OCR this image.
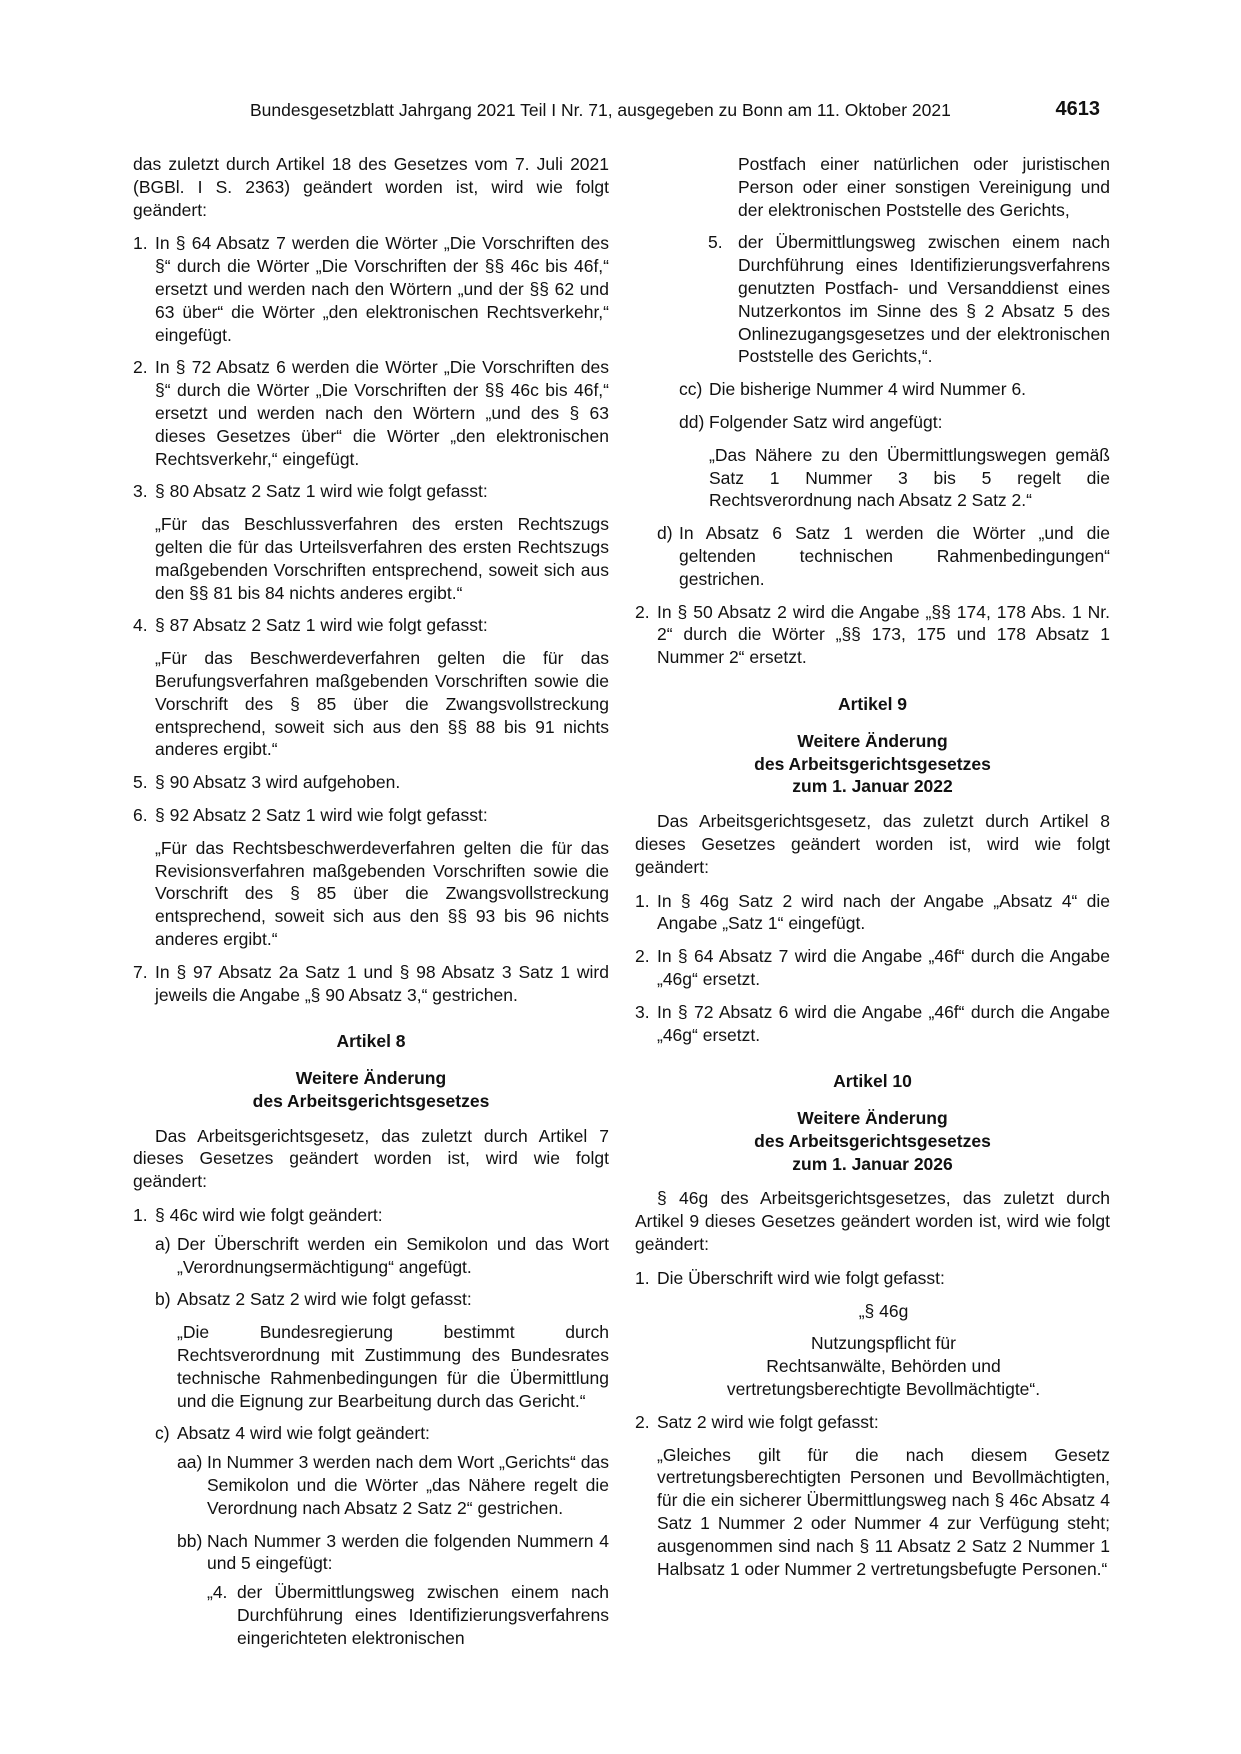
Bundesgesetzblatt Jahrgang 2021 Teil I Nr. 71, ausgegeben zu Bonn am 11. Oktober 2021	4613

das zuletzt durch Artikel 18 des Gesetzes vom 7. Juli 2021 (BGBl. I S. 2363) geändert worden ist, wird wie folgt geändert:

1. In § 64 Absatz 7 werden die Wörter „Die Vorschriften des §“ durch die Wörter „Die Vorschriften der §§ 46c bis 46f,“ ersetzt und werden nach den Wörtern „und der §§ 62 und 63 über“ die Wörter „den elektronischen Rechtsverkehr,“ eingefügt.
2. In § 72 Absatz 6 werden die Wörter „Die Vorschriften des §“ durch die Wörter „Die Vorschriften der §§ 46c bis 46f,“ ersetzt und werden nach den Wörtern „und des § 63 dieses Gesetzes über“ die Wörter „den elektronischen Rechtsverkehr,“ eingefügt.
3. § 80 Absatz 2 Satz 1 wird wie folgt gefasst:
„Für das Beschlussverfahren des ersten Rechtszugs gelten die für das Urteilsverfahren des ersten Rechtszugs maßgebenden Vorschriften entsprechend, soweit sich aus den §§ 81 bis 84 nichts anderes ergibt.“
4. § 87 Absatz 2 Satz 1 wird wie folgt gefasst:
„Für das Beschwerdeverfahren gelten die für das Berufungsverfahren maßgebenden Vorschriften sowie die Vorschrift des § 85 über die Zwangsvollstreckung entsprechend, soweit sich aus den §§ 88 bis 91 nichts anderes ergibt.“
5. § 90 Absatz 3 wird aufgehoben.
6. § 92 Absatz 2 Satz 1 wird wie folgt gefasst:
„Für das Rechtsbeschwerdeverfahren gelten die für das Revisionsverfahren maßgebenden Vorschriften sowie die Vorschrift des § 85 über die Zwangsvollstreckung entsprechend, soweit sich aus den §§ 93 bis 96 nichts anderes ergibt.“
7. In § 97 Absatz 2a Satz 1 und § 98 Absatz 3 Satz 1 wird jeweils die Angabe „§ 90 Absatz 3,“ gestrichen.
Artikel 8
Weitere Änderung
des Arbeitsgerichtsgesetzes

Das Arbeitsgerichtsgesetz, das zuletzt durch Artikel 7 dieses Gesetzes geändert worden ist, wird wie folgt geändert:

1. § 46c wird wie folgt geändert:
a) Der Überschrift werden ein Semikolon und das Wort „Verordnungsermächtigung“ angefügt.
b) Absatz 2 Satz 2 wird wie folgt gefasst:
„Die Bundesregierung bestimmt durch Rechtsverordnung mit Zustimmung des Bundesrates technische Rahmenbedingungen für die Übermittlung und die Eignung zur Bearbeitung durch das Gericht.“
c) Absatz 4 wird wie folgt geändert:
aa) In Nummer 3 werden nach dem Wort „Gerichts“ das Semikolon und die Wörter „das Nähere regelt die Verordnung nach Absatz 2 Satz 2“ gestrichen.
bb) Nach Nummer 3 werden die folgenden Nummern 4 und 5 eingefügt:
„4. der Übermittlungsweg zwischen einem nach Durchführung eines Identifizierungsverfahrens eingerichteten elektronischen
Postfach einer natürlichen oder juristischen Person oder einer sonstigen Vereinigung und der elektronischen Poststelle des Gerichts,
5. der Übermittlungsweg zwischen einem nach Durchführung eines Identifizierungsverfahrens genutzten Postfach- und Versanddienst eines Nutzerkontos im Sinne des § 2 Absatz 5 des Onlinezugangsgesetzes und der elektronischen Poststelle des Gerichts,“.
cc) Die bisherige Nummer 4 wird Nummer 6.
dd) Folgender Satz wird angefügt:
„Das Nähere zu den Übermittlungswegen gemäß Satz 1 Nummer 3 bis 5 regelt die Rechtsverordnung nach Absatz 2 Satz 2.“
d) In Absatz 6 Satz 1 werden die Wörter „und die geltenden technischen Rahmenbedingungen“ gestrichen.
2. In § 50 Absatz 2 wird die Angabe „§§ 174, 178 Abs. 1 Nr. 2“ durch die Wörter „§§ 173, 175 und 178 Absatz 1 Nummer 2“ ersetzt.
Artikel 9
Weitere Änderung
des Arbeitsgerichtsgesetzes
zum 1. Januar 2022

Das Arbeitsgerichtsgesetz, das zuletzt durch Artikel 8 dieses Gesetzes geändert worden ist, wird wie folgt geändert:

1. In § 46g Satz 2 wird nach der Angabe „Absatz 4“ die Angabe „Satz 1“ eingefügt.
2. In § 64 Absatz 7 wird die Angabe „46f“ durch die Angabe „46g“ ersetzt.
3. In § 72 Absatz 6 wird die Angabe „46f“ durch die Angabe „46g“ ersetzt.
Artikel 10
Weitere Änderung
des Arbeitsgerichtsgesetzes
zum 1. Januar 2026

§ 46g des Arbeitsgerichtsgesetzes, das zuletzt durch Artikel 9 dieses Gesetzes geändert worden ist, wird wie folgt geändert:

1. Die Überschrift wird wie folgt gefasst:
„§ 46g
Nutzungspflicht für
Rechtsanwälte, Behörden und
vertretungsberechtigte Bevollmächtigte“.
2. Satz 2 wird wie folgt gefasst:
„Gleiches gilt für die nach diesem Gesetz vertretungsberechtigten Personen und Bevollmächtigten, für die ein sicherer Übermittlungsweg nach § 46c Absatz 4 Satz 1 Nummer 2 oder Nummer 4 zur Verfügung steht; ausgenommen sind nach § 11 Absatz 2 Satz 2 Nummer 1 Halbsatz 1 oder Nummer 2 vertretungsbefugte Personen.“
